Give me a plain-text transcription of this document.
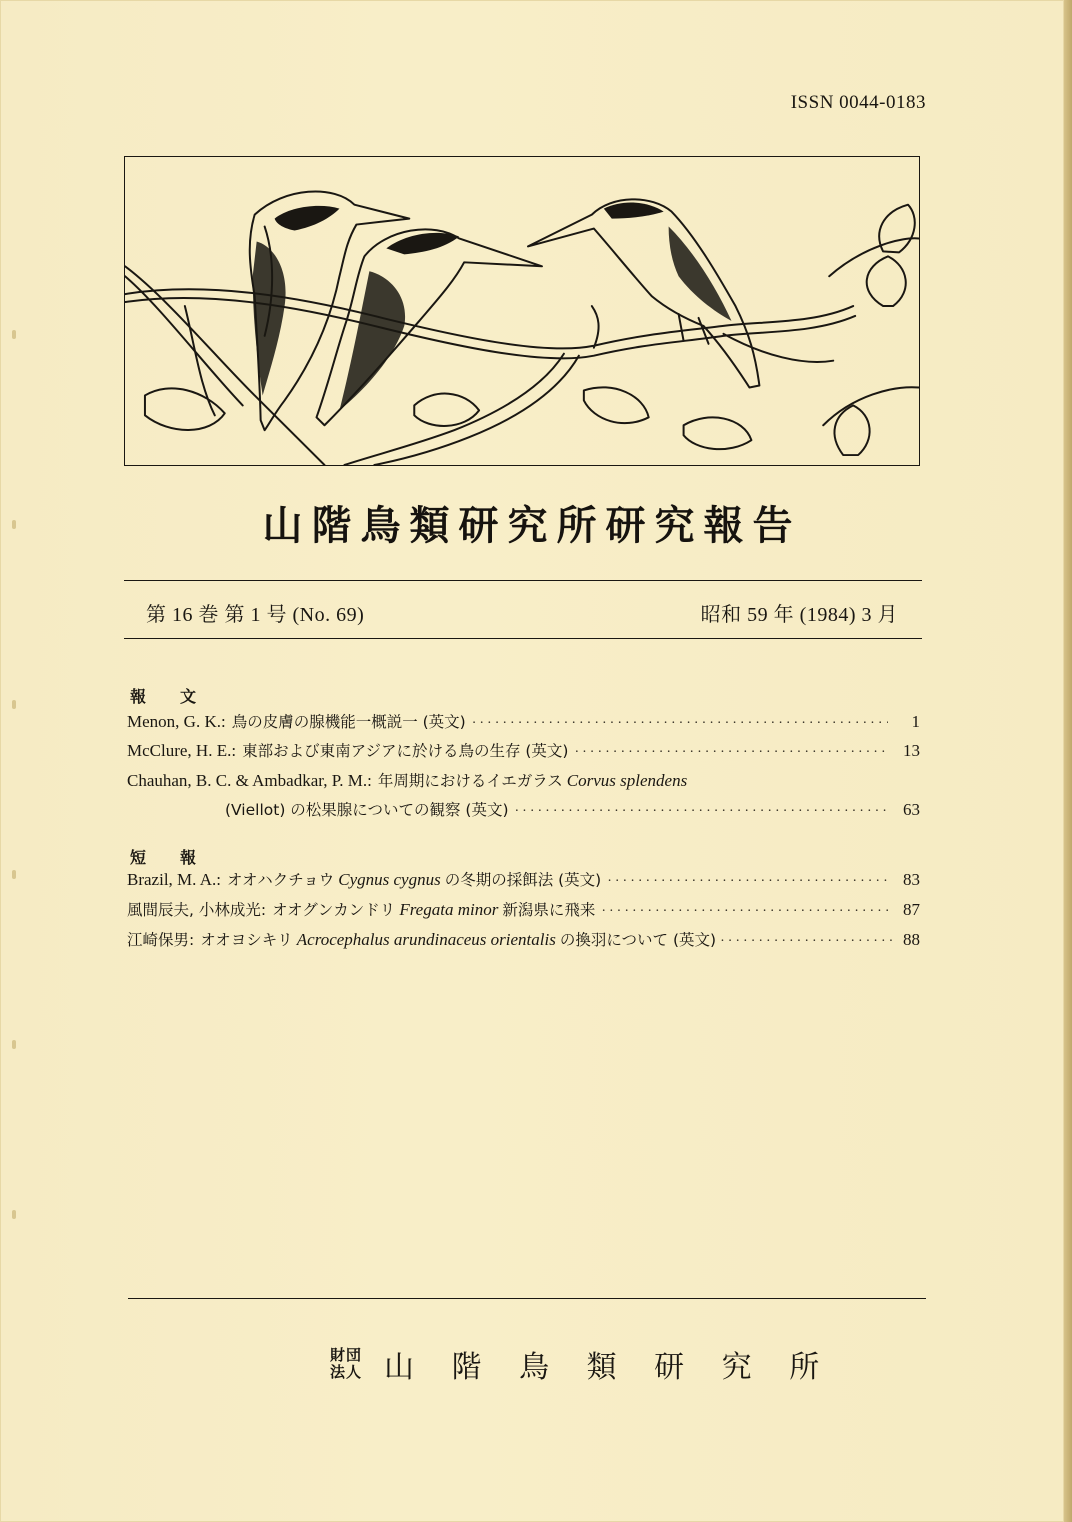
ISSN 0044-0183
山階鳥類研究所研究報告
第 16 巻 第 1 号 (No. 69)	昭和 59 年 (1984) 3 月
報　文
Menon, G. K.: 鳥の皮膚の腺機能一概説一 (英文) ·····	1
McClure, H. E.: 東部および東南アジアに於ける鳥の生存 (英文) ·····	13
Chauhan, B. C. & Ambadkar, P. M.: 年周期におけるイエガラス Corvus splendens
(Viellot) の松果腺についての観察 (英文) ·····	63
短　報
Brazil, M. A.: オオハクチョウ Cygnus cygnus の冬期の採餌法 (英文) ·····	83
風間辰夫, 小林成光: オオグンカンドリ Fregata minor 新潟県に飛来 ·····	87
江崎保男: オオヨシキリ Acrocephalus arundinaceus orientalis の換羽について (英文) ·····	88
財団
法人 山 階 鳥 類 研 究 所
